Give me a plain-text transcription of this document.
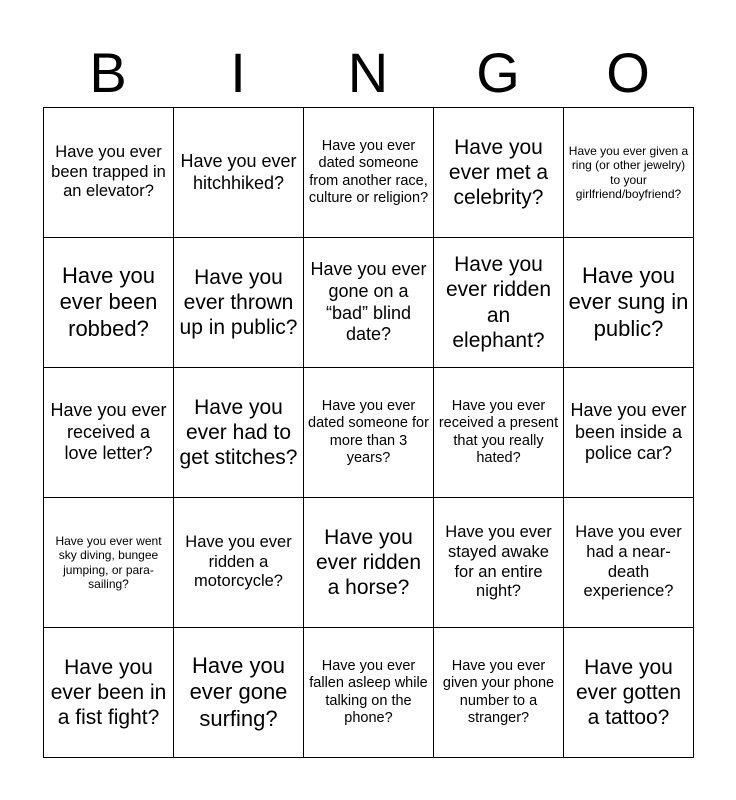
B	I	N	G	O
Have you ever been trapped in an elevator?	Have you ever hitchhiked?	Have you ever dated someone from another race, culture or religion?	Have you ever met a celebrity?	Have you ever given a ring (or other jewelry) to your girlfriend/boyfriend?
Have you ever been robbed?	Have you ever thrown up in public?	Have you ever gone on a “bad” blind date?	Have you ever ridden an elephant?	Have you ever sung in public?
Have you ever received a love letter?	Have you ever had to get stitches?	Have you ever dated someone for more than 3 years?	Have you ever received a present that you really hated?	Have you ever been inside a police car?
Have you ever went sky diving, bungee jumping, or para-sailing?	Have you ever ridden a motorcycle?	Have you ever ridden a horse?	Have you ever stayed awake for an entire night?	Have you ever had a near-death experience?
Have you ever been in a fist fight?	Have you ever gone surfing?	Have you ever fallen asleep while talking on the phone?	Have you ever given your phone number to a stranger?	Have you ever gotten a tattoo?
